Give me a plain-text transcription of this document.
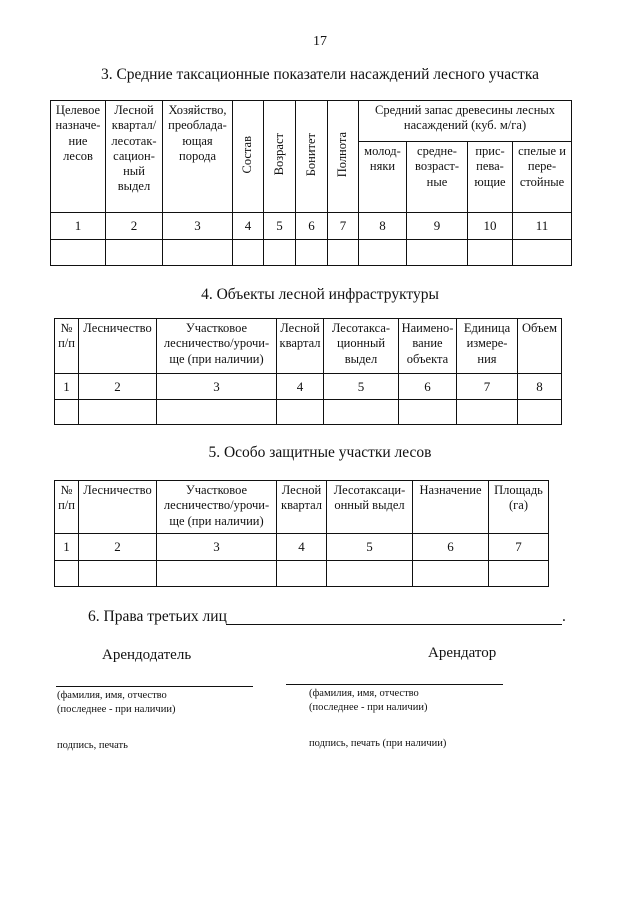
17
3. Средние таксационные показатели насаждений лесного участка
Целевое назначе-ние лесов	Лесной квартал/ лесотак-сацион-ный выдел	Хозяйство, преоблада-ющая порода	Состав	Возраст	Бонитет	Полнота	Средний запас древесины лесных насаждений (куб. м/га)			
							молод-няки	средне-возраст-ные	прис-пева-ющие	спелые и пере-стойные
1	2	3	4	5	6	7	8	9	10	11

4. Объекты лесной инфраструктуры
№ п/п	Лесничество	Участковое лесничество/урочи-ще (при наличии)	Лесной квартал	Лесотакса-ционный выдел	Наимено-вание объекта	Единица измере-ния	Объем
1	2	3	4	5	6	7	8

5. Особо защитные участки лесов
№ п/п	Лесничество	Участковое лесничество/урочи-ще (при наличии)	Лесной квартал	Лесотаксаци-онный выдел	Назначение	Площадь (га)
1	2	3	4	5	6	7

6. Права третьих лиц	.
Арендодатель	Арендатор
(фамилия, имя, отчество
(последнее - при наличии)
(фамилия, имя, отчество
(последнее - при наличии)
подпись, печать	подпись, печать (при наличии)
